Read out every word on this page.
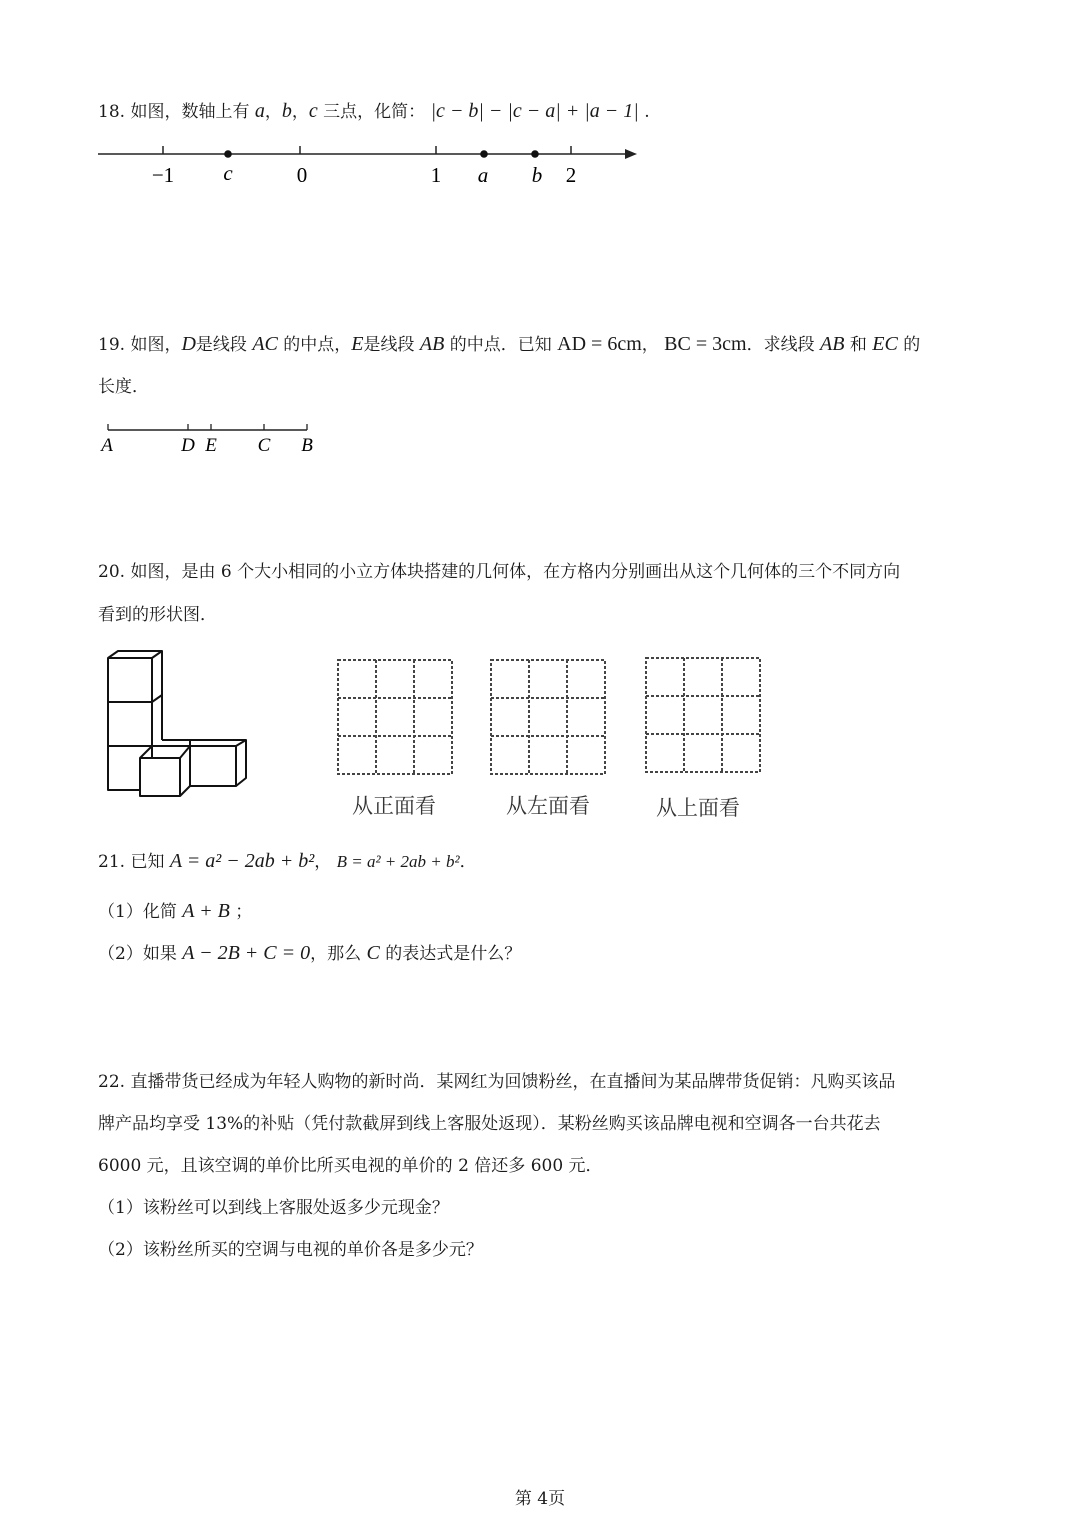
18. 如图，数轴上有 a，b，c 三点，化简： |c − b| − |c − a| + |a − 1| .
−1 c	0	1 a b 2
19. 如图，D是线段 AC 的中点，E是线段 AB 的中点．已知 AD = 6cm， BC = 3cm．求线段 AB 和 EC 的
长度．
A	D E C B
20. 如图，是由 6 个大小相同的小立方体块搭建的几何体，在方格内分别画出从这个几何体的三个不同方向
看到的形状图．
从正面看	从左面看	从上面看
21. 已知 A = a² − 2ab + b²， B = a² + 2ab + b²．
（1）化简 A + B ；
（2）如果 A − 2B + C = 0，那么 C 的表达式是什么？
22. 直播带货已经成为年轻人购物的新时尚．某网红为回馈粉丝，在直播间为某品牌带货促销：凡购买该品
牌产品均享受 13%的补贴（凭付款截屏到线上客服处返现）．某粉丝购买该品牌电视和空调各一台共花去
6000 元，且该空调的单价比所买电视的单价的 2 倍还多 600 元．
（1）该粉丝可以到线上客服处返多少元现金？
（2）该粉丝所买的空调与电视的单价各是多少元？
第 4页
